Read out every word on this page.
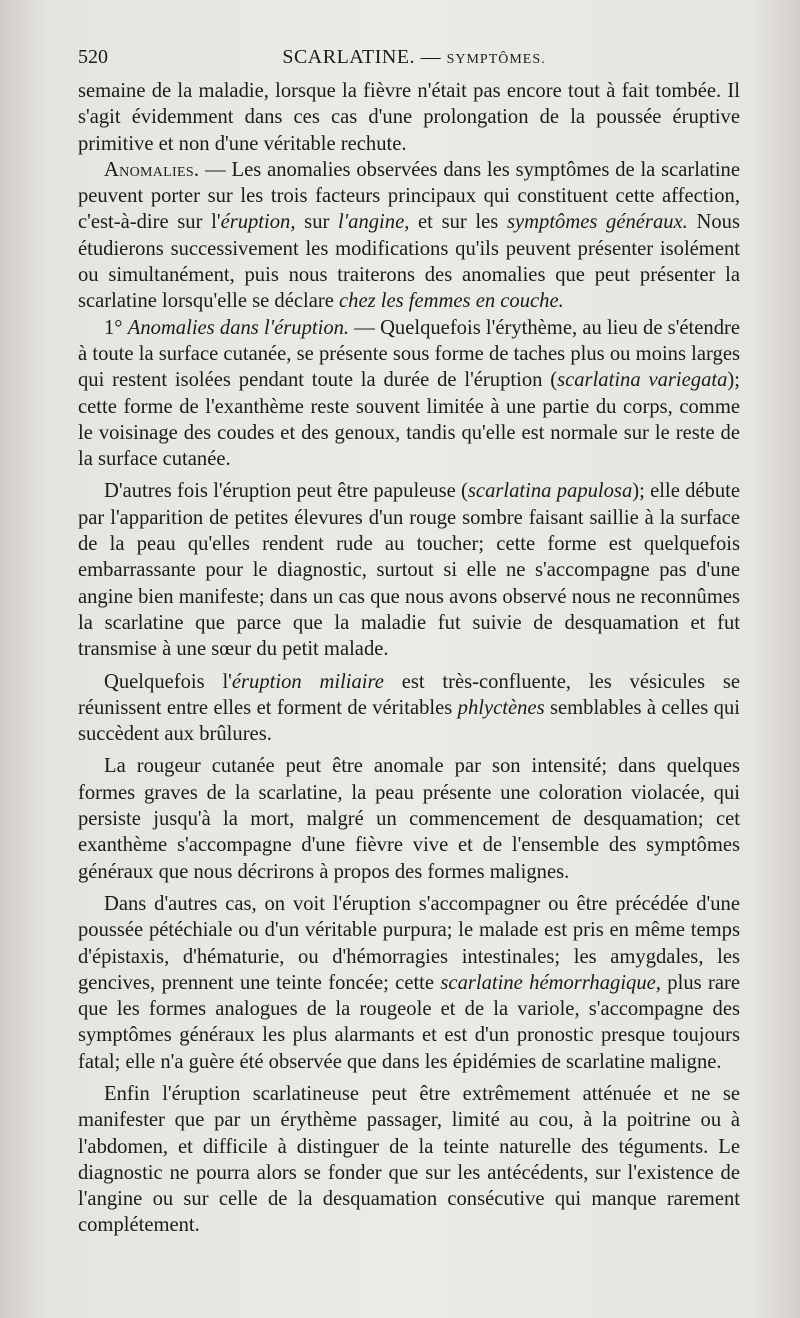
520	SCARLATINE. — SYMPTÔMES.

semaine de la maladie, lorsque la fièvre n'était pas encore tout à fait tombée. Il s'agit évidemment dans ces cas d'une prolongation de la poussée éruptive primitive et non d'une véritable rechute.

Anomalies. — Les anomalies observées dans les symptômes de la scarlatine peuvent porter sur les trois facteurs principaux qui constituent cette affection, c'est-à-dire sur l'éruption, sur l'angine, et sur les symptômes généraux. Nous étudierons successivement les modifications qu'ils peuvent présenter isolément ou simultanément, puis nous traiterons des anomalies que peut présenter la scarlatine lorsqu'elle se déclare chez les femmes en couche.

1° Anomalies dans l'éruption. — Quelquefois l'érythème, au lieu de s'étendre à toute la surface cutanée, se présente sous forme de taches plus ou moins larges qui restent isolées pendant toute la durée de l'éruption (scarlatina variegata); cette forme de l'exanthème reste souvent limitée à une partie du corps, comme le voisinage des coudes et des genoux, tandis qu'elle est normale sur le reste de la surface cutanée.

D'autres fois l'éruption peut être papuleuse (scarlatina papulosa); elle débute par l'apparition de petites élevures d'un rouge sombre faisant saillie à la surface de la peau qu'elles rendent rude au toucher; cette forme est quelquefois embarrassante pour le diagnostic, surtout si elle ne s'accompagne pas d'une angine bien manifeste; dans un cas que nous avons observé nous ne reconnûmes la scarlatine que parce que la maladie fut suivie de desquamation et fut transmise à une sœur du petit malade.

Quelquefois l'éruption miliaire est très-confluente, les vésicules se réunissent entre elles et forment de véritables phlyctènes semblables à celles qui succèdent aux brûlures.

La rougeur cutanée peut être anomale par son intensité; dans quelques formes graves de la scarlatine, la peau présente une coloration violacée, qui persiste jusqu'à la mort, malgré un commencement de desquamation; cet exanthème s'accompagne d'une fièvre vive et de l'ensemble des symptômes généraux que nous décrirons à propos des formes malignes.

Dans d'autres cas, on voit l'éruption s'accompagner ou être précédée d'une poussée pétéchiale ou d'un véritable purpura; le malade est pris en même temps d'épistaxis, d'hématurie, ou d'hémorragies intestinales; les amygdales, les gencives, prennent une teinte foncée; cette scarlatine hémorrhagique, plus rare que les formes analogues de la rougeole et de la variole, s'accompagne des symptômes généraux les plus alarmants et est d'un pronostic presque toujours fatal; elle n'a guère été observée que dans les épidémies de scarlatine maligne.

Enfin l'éruption scarlatineuse peut être extrêmement atténuée et ne se manifester que par un érythème passager, limité au cou, à la poitrine ou à l'abdomen, et difficile à distinguer de la teinte naturelle des téguments. Le diagnostic ne pourra alors se fonder que sur les antécédents, sur l'existence de l'angine ou sur celle de la desquamation consécutive qui manque rarement complétement.
